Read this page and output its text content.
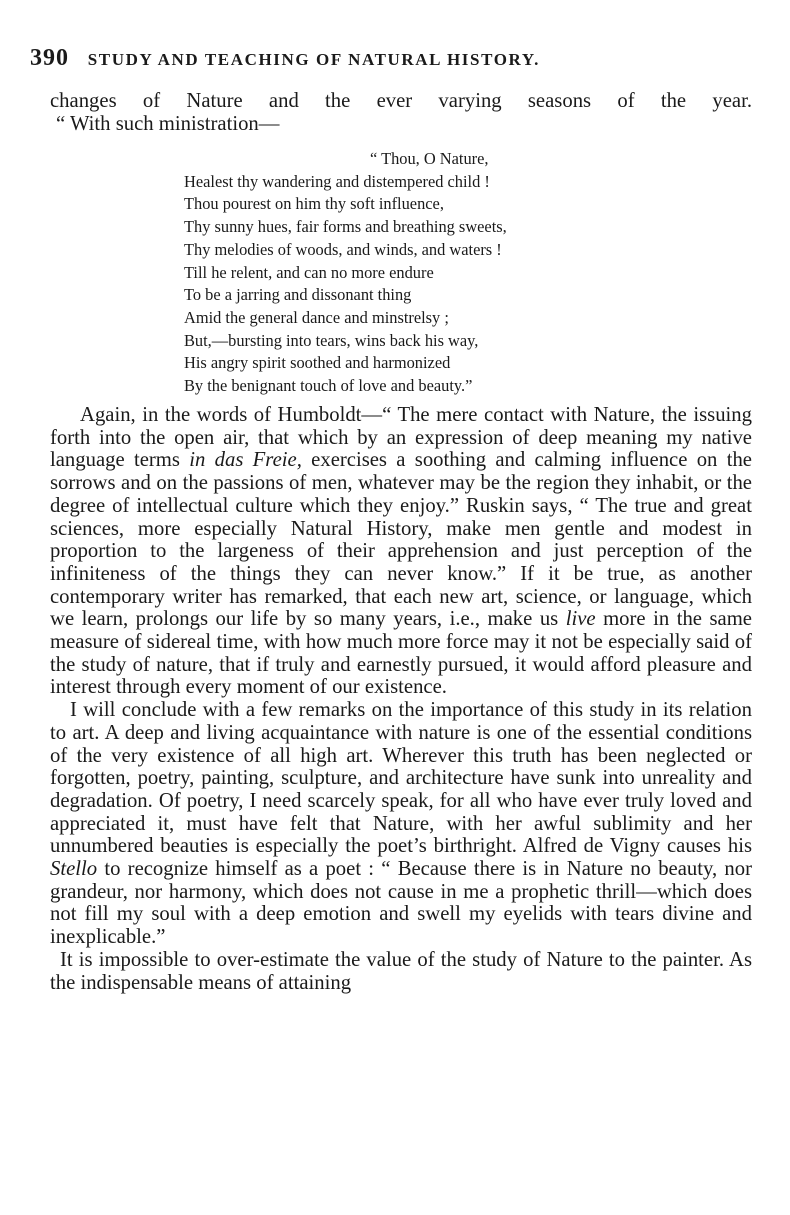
390 STUDY AND TEACHING OF NATURAL HISTORY.

changes of Nature and the ever varying seasons of the year.

“ With such ministration—

“ Thou, O Nature,
Healest thy wandering and distempered child !
Thou pourest on him thy soft influence,
Thy sunny hues, fair forms and breathing sweets,
Thy melodies of woods, and winds, and waters !
Till he relent, and can no more endure
To be a jarring and dissonant thing
Amid the general dance and minstrelsy ;
But,—bursting into tears, wins back his way,
His angry spirit soothed and harmonized
By the benignant touch of love and beauty.”

Again, in the words of Humboldt—“ The mere contact with Nature, the issuing forth into the open air, that which by an expression of deep meaning my native language terms in das Freie, exercises a soothing and calming influence on the sorrows and on the passions of men, whatever may be the region they inhabit, or the degree of intellectual culture which they enjoy.” Ruskin says, “ The true and great sciences, more especially Natural History, make men gentle and modest in proportion to the largeness of their apprehension and just perception of the infiniteness of the things they can never know.” If it be true, as another contemporary writer has remarked, that each new art, science, or language, which we learn, prolongs our life by so many years, i.e., make us live more in the same measure of sidereal time, with how much more force may it not be especially said of the study of nature, that if truly and earnestly pursued, it would afford pleasure and interest through every moment of our existence.

I will conclude with a few remarks on the importance of this study in its relation to art. A deep and living acquaintance with nature is one of the essential conditions of the very existence of all high art. Wherever this truth has been neglected or forgotten, poetry, painting, sculpture, and architecture have sunk into unreality and degradation. Of poetry, I need scarcely speak, for all who have ever truly loved and appreciated it, must have felt that Nature, with her awful sublimity and her unnumbered beauties is especially the poet’s birthright. Alfred de Vigny causes his Stello to recognize himself as a poet : “ Because there is in Nature no beauty, nor grandeur, nor harmony, which does not cause in me a prophetic thrill—which does not fill my soul with a deep emotion and swell my eyelids with tears divine and inexplicable.”

It is impossible to over-estimate the value of the study of Nature to the painter. As the indispensable means of attaining
